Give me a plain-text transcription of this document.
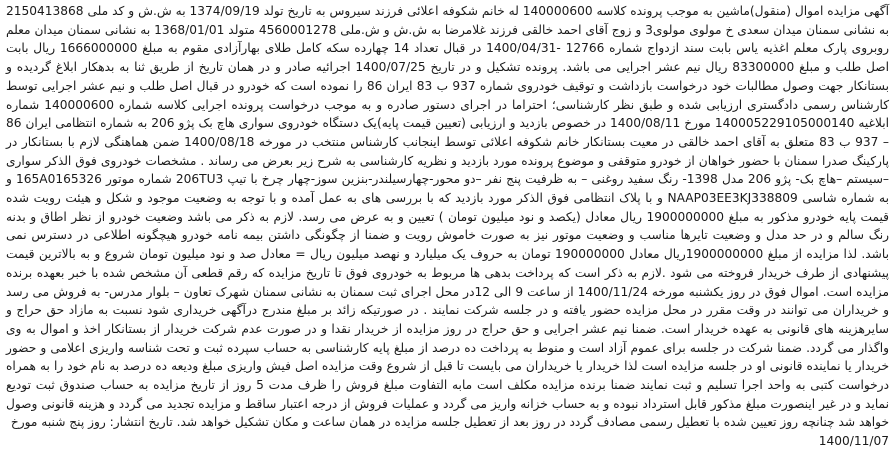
آگهی مزایده اموال (منقول)ماشین به موجب پرونده کلاسه 140000600 له خانم شکوفه اعلائی فرزند سیروس به تاریخ تولد 1374/09/19 به ش.ش و کد ملی 2150413868 به نشانی سمنان میدان سعدی خ مولوی مولوی3 و زوج آقای احمد خالقی فرزند غلامرضا به ش.ش و ش.ملی 4560001278 متولد 1368/01/01 به نشانی سمنان میدان معلم روبروی پارک معلم اغذیه یاس بابت سند ازدواج شماره 12766 -1400/04/31 در قبال تعداد 14 چهارده سکه کامل طلای بهارآزادی مقوم به مبلغ 1666000000 ریال بابت اصل طلب و مبلغ 83300000 ریال نیم عشر اجرایی می باشد. پرونده تشکیل و در تاریخ 1400/07/25 اجرائیه صادر و در همان تاریخ از طریق ثنا به بدهکار ابلاغ گردیده و بستانکار جهت وصول مطالبات خود درخواست بازداشت و توقیف خودروی شماره 937 ب 83 ایران 86 را نموده است که خودرو در قبال اصل طلب و نیم عشر اجرایی توسط کارشناس رسمی دادگستری ارزیابی شده و طبق نظر کارشناسی؛ احتراما در اجرای دستور صادره و به موجب درخواست پرونده اجرایی کلاسه شماره 140000600 شماره ابلاغیه 140005229105000140 مورخ 1400/08/11 در خصوص بازدید و ارزیابی (تعیین قیمت پایه)یک دستگاه خودروی سواری هاچ بک پژو 206 به شماره انتظامی ایران 86 – 937 ب 83 متعلق به آقای احمد خالقی در معیت بستانکار خانم شکوفه اعلائی توسط اینجانب کارشناس منتخب در مورخه 1400/08/18 ضمن هماهنگی لازم با بستانکار در پارکینگ صدرا سمنان با حضور خواهان از خودرو متوقفی و موضوع پرونده مورد بازدید و نظریه کارشناسی به شرح زیر بعرض می رساند . مشخصات خودروی فوق الذکر سواری –سیستم –هاچ بک- پژو 206 مدل 1398- رنگ سفید روغنی – به ظرفیت پنج نفر –دو محور-چهارسیلندر-بنزین سوز-چهار چرخ با تیپ 206TU3 شماره موتور 165A0165326 و به شماره شاسی NAAP03EE3KJ338809 و با پلاک انتظامی فوق الذکر مورد بازدید که با بررسی های به عمل آمده و با توجه به وضعیت موجود و شکل و هیئت رویت شده قیمت پایه خودرو مذکور به مبلغ 1900000000 ریال معادل (یکصد و نود میلیون تومان ) تعیین و به عرض می رسد. لازم به ذکر می باشد وضعیت خودرو از نظر اطاق و بدنه رنگ سالم و در حد مدل و وضعیت تایرها مناسب و وضعیت موتور نیز به صورت خاموش رویت و ضمنا از چگونگی داشتن بیمه نامه خودرو هیچگونه اطلاعی در دسترس نمی باشد. لذا مزایده از مبلغ 1900000000ریال معادل 190000000 تومان به حروف یک میلیارد و نهصد میلیون ریال = معادل صد و نود میلیون تومان شروع و به بالاترین قیمت پیشنهادی از طرف خریدار فروخته می شود .لازم به ذکر است که پرداخت بدهی ها مربوط به خودروی فوق تا تاریخ مزایده که رقم قطعی آن مشخص شده با خبر بعهده برنده مزایده است. اموال فوق در روز یکشنبه مورخه 1400/11/24 از ساعت 9 الی 12در محل اجرای ثبت سمنان به نشانی سمنان شهرک تعاون – بلوار مدرس- به فروش می رسد و خریداران می توانند در وقت مقرر در محل مزایده حضور یافته و در جلسه شرکت نمایند . در صورتیکه زائد بر مبلغ مندرج درآگهی خریداری شود نسبت به مازاد حق حراج و سایرهزینه های قانونی به عهده خریدار است. ضمنا نیم عشر اجرایی و حق حراج در روز مزایده از خریدار نقدا و در صورت عدم شرکت خریدار از بستانکار اخذ و اموال به وی واگذار می گردد. ضمنا شرکت در جلسه برای عموم آزاد است و منوط به پرداخت ده درصد از مبلغ پایه کارشناسی به حساب سپرده ثبت و تحت شناسه واریزی اعلامی و حضور خریدار یا نماینده قانونی او در جلسه مزایده است لذا خریدار یا خریداران می بایست تا قبل از شروع وقت مزایده اصل فیش واریزی مبلغ ودیعه ده درصد به نام خود را به همراه درخواست کتبی به واحد اجرا تسلیم و ثبت نمایند ضمنا برنده مزایده مکلف است مابه التفاوت مبلغ فروش را ظرف مدت 5 روز از تاریخ مزایده به حساب صندوق ثبت تودیع نماید و در غیر اینصورت مبلغ مذکور قابل استرداد نبوده و به حساب خزانه واریز می گردد و عملیات فروش از درجه اعتبار ساقط و مزایده تجدید می گردد و هزینه قانونی وصول خواهد شد چنانچه روز تعیین شده با تعطیل رسمی مصادف گردد در روز بعد از تعطیل جلسه مزایده در همان ساعت و مکان تشکیل خواهد شد. تاریخ انتشار: روز پنج شنبه مورخ
1400/11/07
